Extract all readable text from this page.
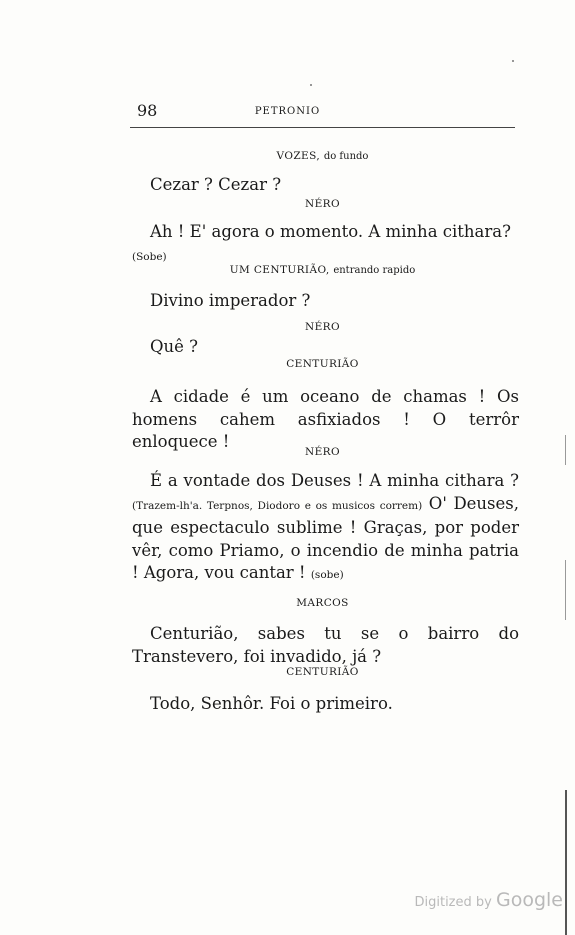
98	PETRONIO
VOZES, do fundo
Cezar ? Cezar ?
NÉRO
Ah ! E' agora o momento. A minha cithara? (Sobe)
UM CENTURIÃO, entrando rapido
Divino imperador ?
NÉRO
Quê ?
CENTURIÃO
A cidade é um oceano de chamas ! Os homens cahem asfixiados ! O terrôr enloquece !
NÉRO
É a vontade dos Deuses ! A minha cithara ? (Trazem-lh'a. Terpnos, Diodoro e os musicos correm) O' Deuses, que espectaculo sublime ! Graças, por poder vêr, como Priamo, o incendio de minha patria ! Agora, vou cantar ! (sobe)
MARCOS
Centurião, sabes tu se o bairro do Transtevero, foi invadido, já ?
CENTURIÃO
Todo, Senhôr. Foi o primeiro.
Digitized by Google
